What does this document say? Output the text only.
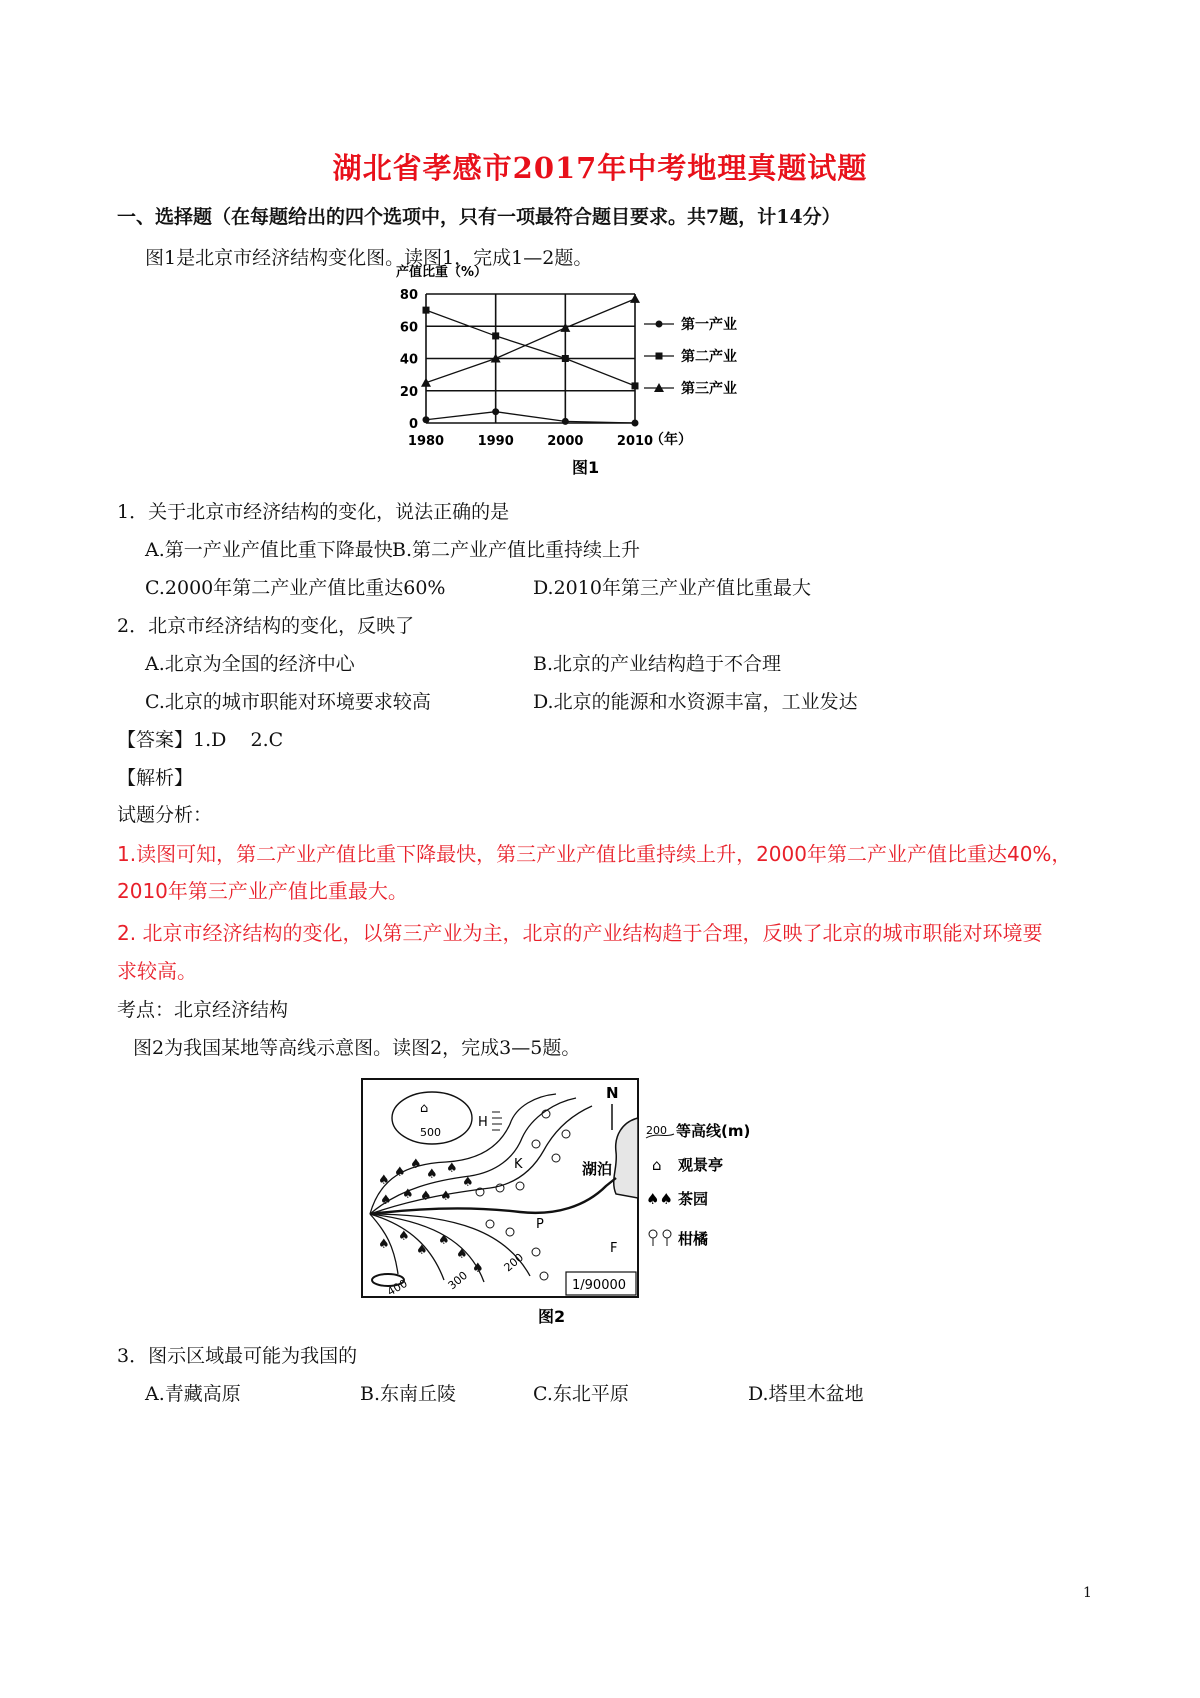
湖北省孝感市2017年中考地理真题试题
一、选择题（在每题给出的四个选项中，只有一项最符合题目要求。共7题，计14分）
图1是北京市经济结构变化图。读图1，完成1—2题。
产值比重（%）
0
20
40
60
80
1980	1990	2000	2010
第一产业
第二产业
第三产业
（年）
图1
1．关于北京市经济结构的变化，说法正确的是
A.第一产业产值比重下降最快 B.第二产业产值比重持续上升
C.2000年第二产业产值比重达60%	D.2010年第三产业产值比重最大
2．北京市经济结构的变化，反映了
A.北京为全国的经济中心	B.北京的产业结构趋于不合理
C.北京的城市职能对环境要求较高	D.北京的能源和水资源丰富，工业发达
【答案】1.D    2.C
【解析】
试题分析：
1.读图可知，第二产业产值比重下降最快，第三产业产值比重持续上升，2000年第二产业产值比重达40%，
2010年第三产业产值比重最大。
2. 北京市经济结构的变化，以第三产业为主，北京的产业结构趋于合理，反映了北京的城市职能对环境要
求较高。
考点：北京经济结构
图2为我国某地等高线示意图。读图2，完成3—5题。
湖泊
⌂
500
H
P
K
F
400	300
200
♠
♠
♠
♠ ♠
♠
♠ ♠ ♠ ♠
♠
♠
♠
♠
♠
♠
N
1/90000
200 等高线(m)
⌂ 观景亭
♠♠ 茶园
柑橘
图2
3．图示区域最可能为我国的
A.青藏高原	B.东南丘陵	C.东北平原	D.塔里木盆地
1
